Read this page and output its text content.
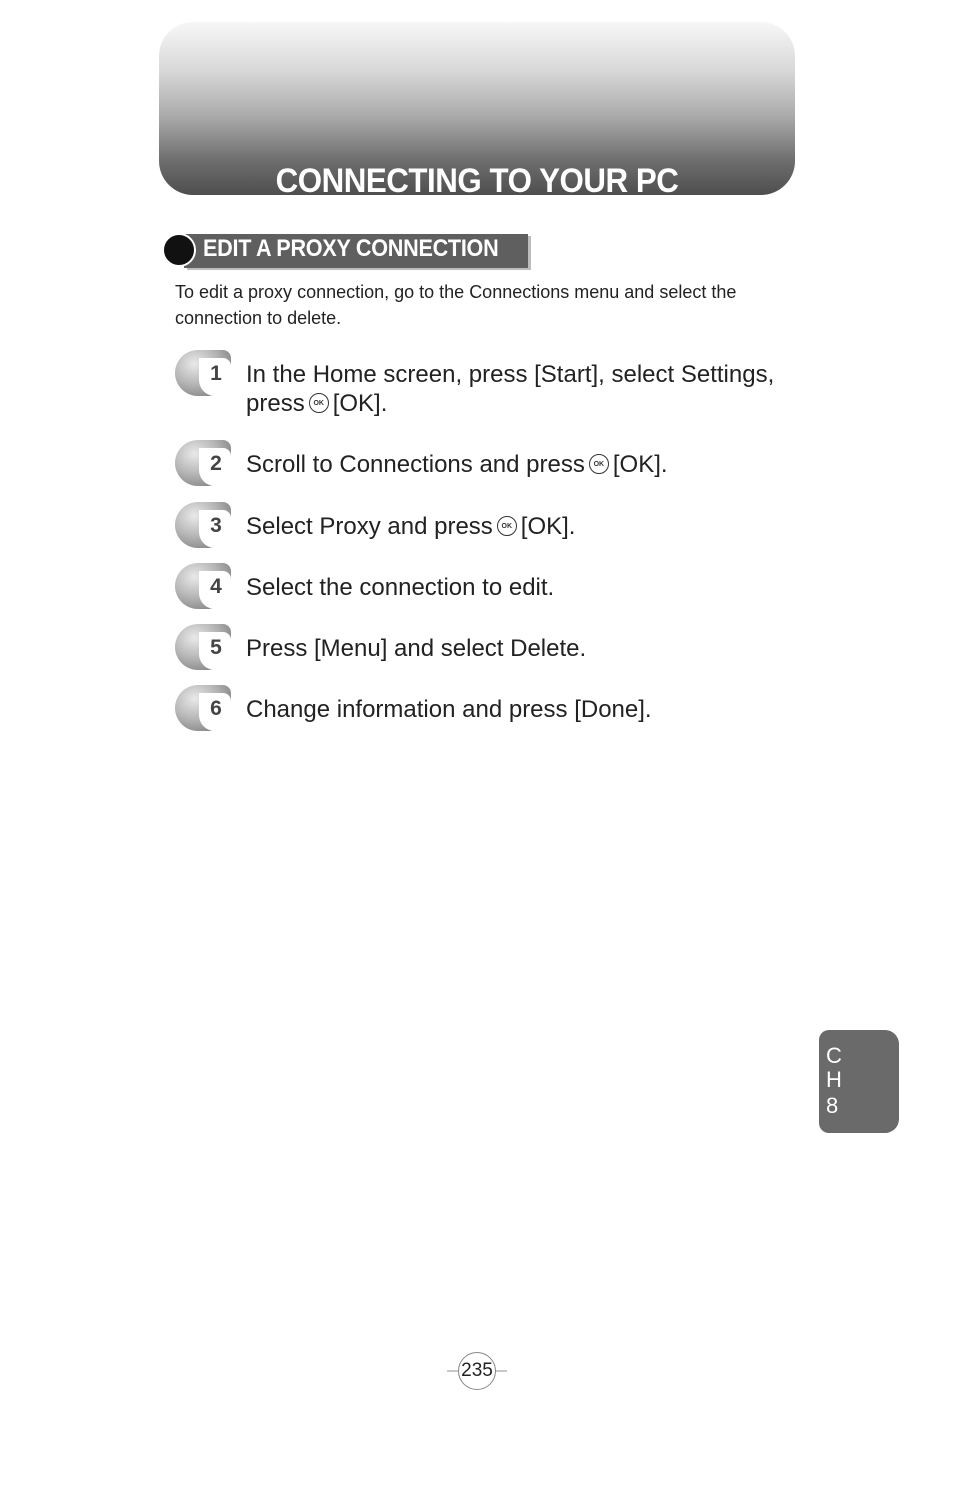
CONNECTING TO YOUR PC
EDIT A PROXY CONNECTION
To edit a proxy connection, go to the Connections menu and select the connection to delete.
1 In the Home screen, press [Start], select Settings, press OK [OK].
2 Scroll to Connections and press OK [OK].
3 Select Proxy and press OK [OK].
4 Select the connection to edit.
5 Press [Menu] and select Delete.
6 Change information and press [Done].
C
H
8
235
